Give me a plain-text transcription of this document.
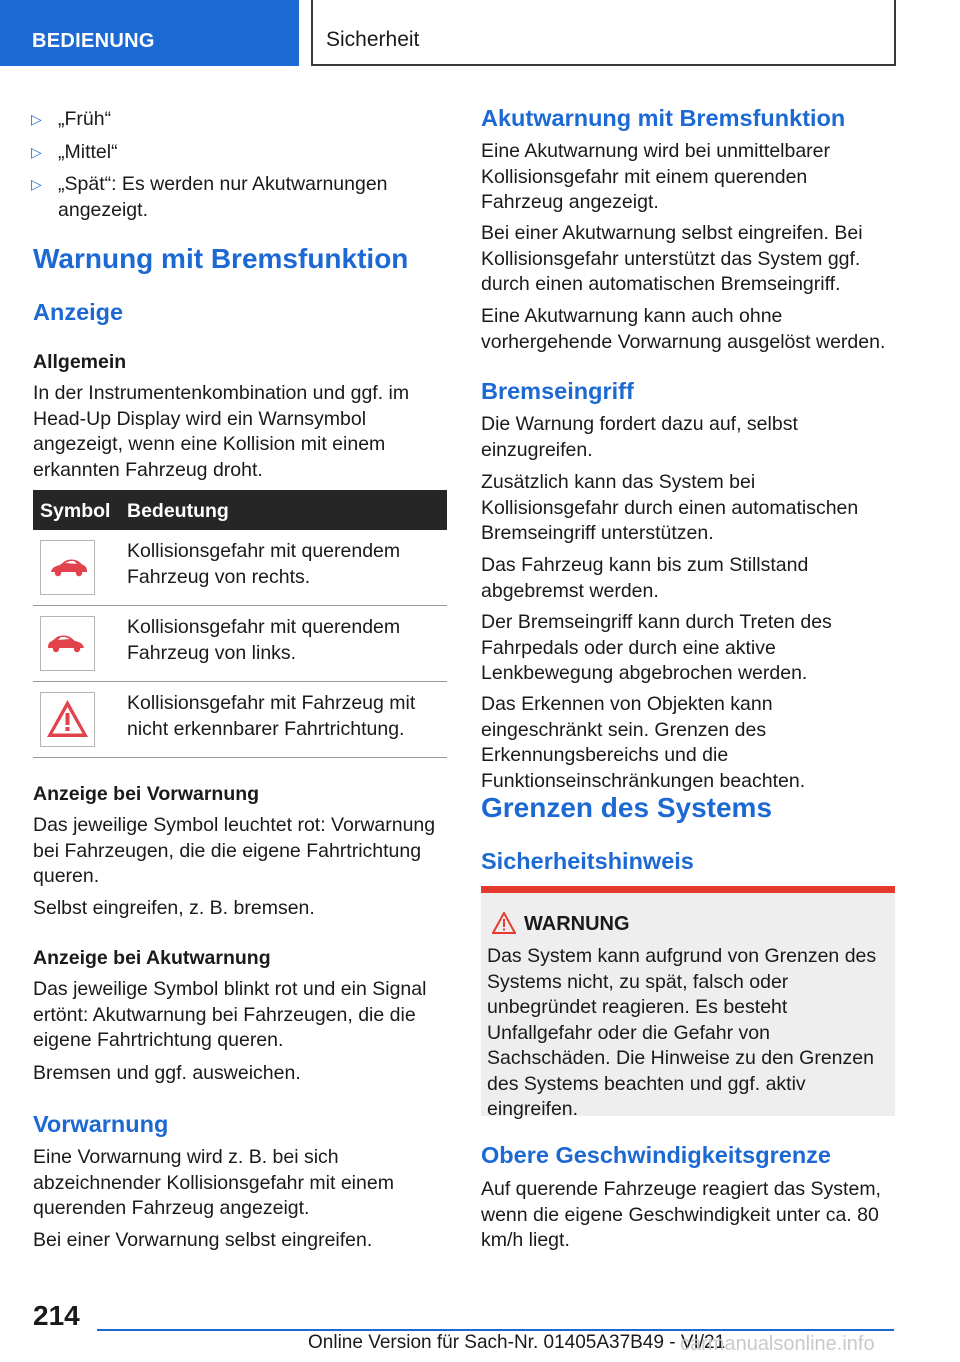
BEDIENUNG	Sicherheit
▷ „Früh“
▷ „Mittel“
▷ „Spät“: Es werden nur Akutwarnungen angezeigt.
Warnung mit Bremsfunktion
Anzeige
Allgemein

In der Instrumentenkombination und ggf. im Head-Up Display wird ein Warnsymbol angezeigt, wenn eine Kollision mit einem erkannten Fahrzeug droht.

Anzeige bei Vorwarnung

Das jeweilige Symbol leuchtet rot: Vorwarnung bei Fahrzeugen, die die eigene Fahrtrichtung queren.

Selbst eingreifen, z. B. bremsen.

Anzeige bei Akutwarnung

Das jeweilige Symbol blinkt rot und ein Signal ertönt: Akutwarnung bei Fahrzeugen, die die eigene Fahrtrichtung queren.

Bremsen und ggf. ausweichen.

Vorwarnung

Eine Vorwarnung wird z. B. bei sich abzeichnender Kollisionsgefahr mit einem querenden Fahrzeug angezeigt.

Bei einer Vorwarnung selbst eingreifen.

Symbol Bedeutung
Kollisionsgefahr mit querendem Fahrzeug von rechts.
Kollisionsgefahr mit querendem Fahrzeug von links.
Kollisionsgefahr mit Fahrzeug mit nicht erkennbarer Fahrtrichtung.
Akutwarnung mit Bremsfunktion

Eine Akutwarnung wird bei unmittelbarer Kollisionsgefahr mit einem querenden Fahrzeug angezeigt.

Bei einer Akutwarnung selbst eingreifen. Bei Kollisionsgefahr unterstützt das System ggf. durch einen automatischen Bremseingriff.

Eine Akutwarnung kann auch ohne vorhergehende Vorwarnung ausgelöst werden.

Bremseingriff

Die Warnung fordert dazu auf, selbst einzugreifen.

Zusätzlich kann das System bei Kollisionsgefahr durch einen automatischen Bremseingriff unterstützen.

Das Fahrzeug kann bis zum Stillstand abgebremst werden.

Der Bremseingriff kann durch Treten des Fahrpedals oder durch eine aktive Lenkbewegung abgebrochen werden.

Das Erkennen von Objekten kann eingeschränkt sein. Grenzen des Erkennungsbereichs und die Funktionseinschränkungen beachten.

Grenzen des Systems
Sicherheitshinweis
Obere Geschwindigkeitsgrenze

Auf querende Fahrzeuge reagiert das System, wenn die eigene Geschwindigkeit unter ca. 80 km/h liegt.

WARNUNG

Das System kann aufgrund von Grenzen des Systems nicht, zu spät, falsch oder unbegründet reagieren. Es besteht Unfallgefahr oder die Gefahr von Sachschäden. Die Hinweise zu den Grenzen des Systems beachten und ggf. aktiv eingreifen.

214
Online Version für Sach-Nr. 01405A37B49 - VI/21
carmanualsonline.info
